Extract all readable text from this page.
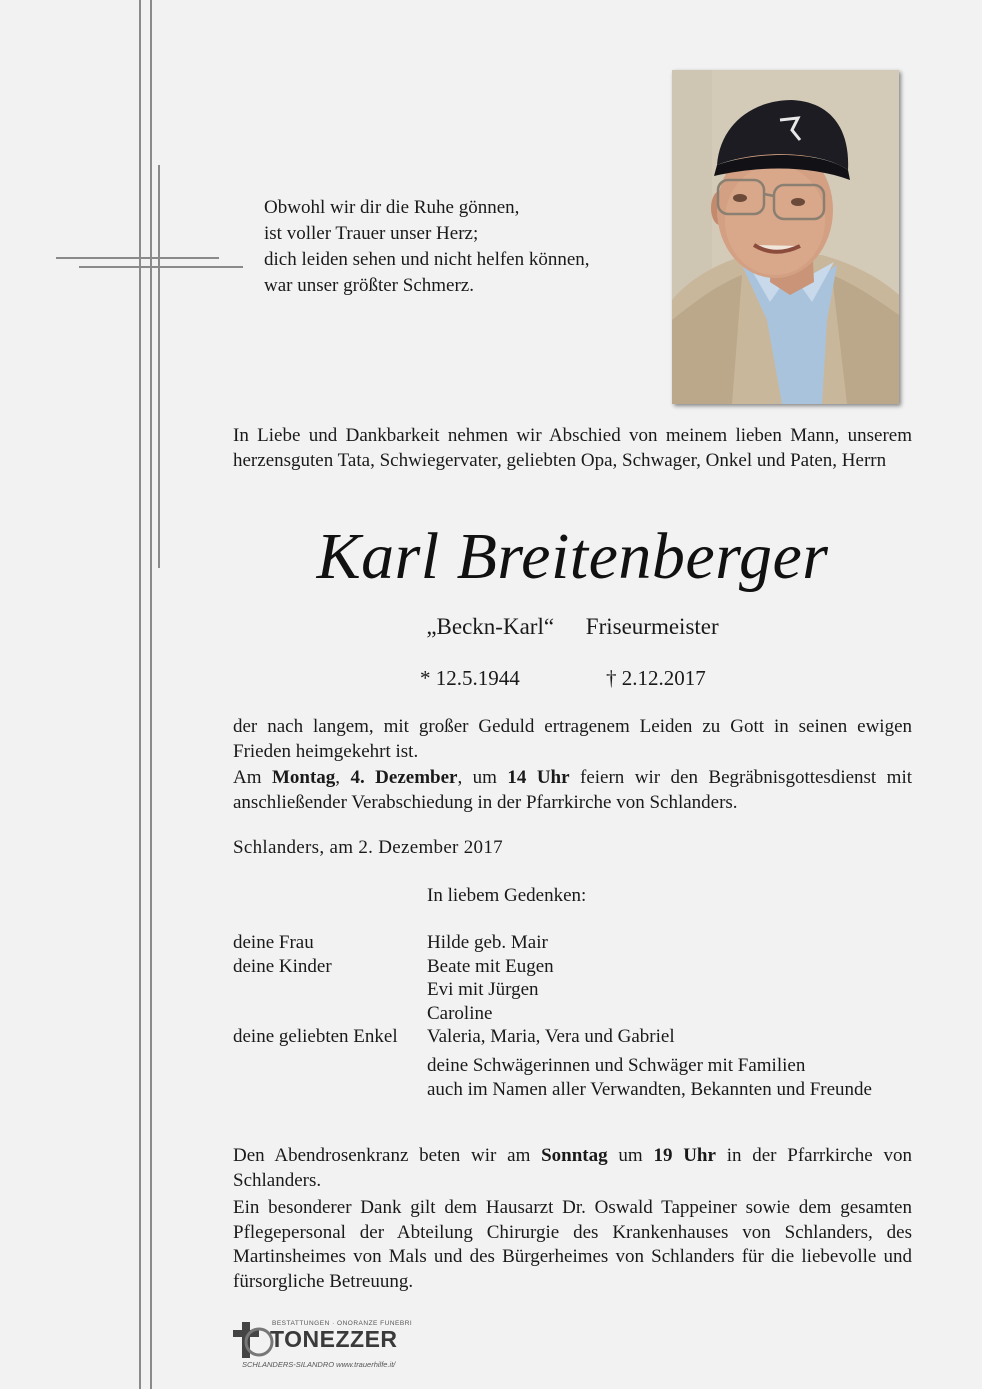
Obwohl wir dir die Ruhe gönnen,
ist voller Trauer unser Herz;
dich leiden sehen und nicht helfen können,
war unser größter Schmerz.
In Liebe und Dankbarkeit nehmen wir Abschied von meinem lieben Mann, unserem herzensguten Tata, Schwiegervater, geliebten Opa, Schwager, Onkel und Paten, Herrn
Karl Breitenberger
„Beckn-Karl“ Friseurmeister
* 12.5.1944	† 2.12.2017
der nach langem, mit großer Geduld ertragenem Leiden zu Gott in seinen ewigen Frieden heimgekehrt ist.
Am Montag, 4. Dezember, um 14 Uhr feiern wir den Begräbnisgottesdienst mit anschließender Verabschiedung in der Pfarrkirche von Schlanders.
Schlanders, am 2. Dezember 2017
In liebem Gedenken:
deine Frau	Hilde geb. Mair
deine Kinder	Beate mit Eugen
Evi mit Jürgen
Caroline
deine geliebten Enkel	Valeria, Maria, Vera und Gabriel
deine Schwägerinnen und Schwäger mit Familien
auch im Namen aller Verwandten, Bekannten und Freunde
Den Abendrosenkranz beten wir am Sonntag um 19 Uhr in der Pfarrkirche von Schlanders.
Ein besonderer Dank gilt dem Hausarzt Dr. Oswald Tappeiner sowie dem gesamten Pflegepersonal der Abteilung Chirurgie des Krankenhauses von Schlanders, des Martinsheimes von Mals und des Bürgerheimes von Schlanders für die liebevolle und fürsorgliche Betreuung.
BESTATTUNGEN · ONORANZE FUNEBRI
TONEZZER
SCHLANDERS-SILANDRO www.trauerhilfe.it/
